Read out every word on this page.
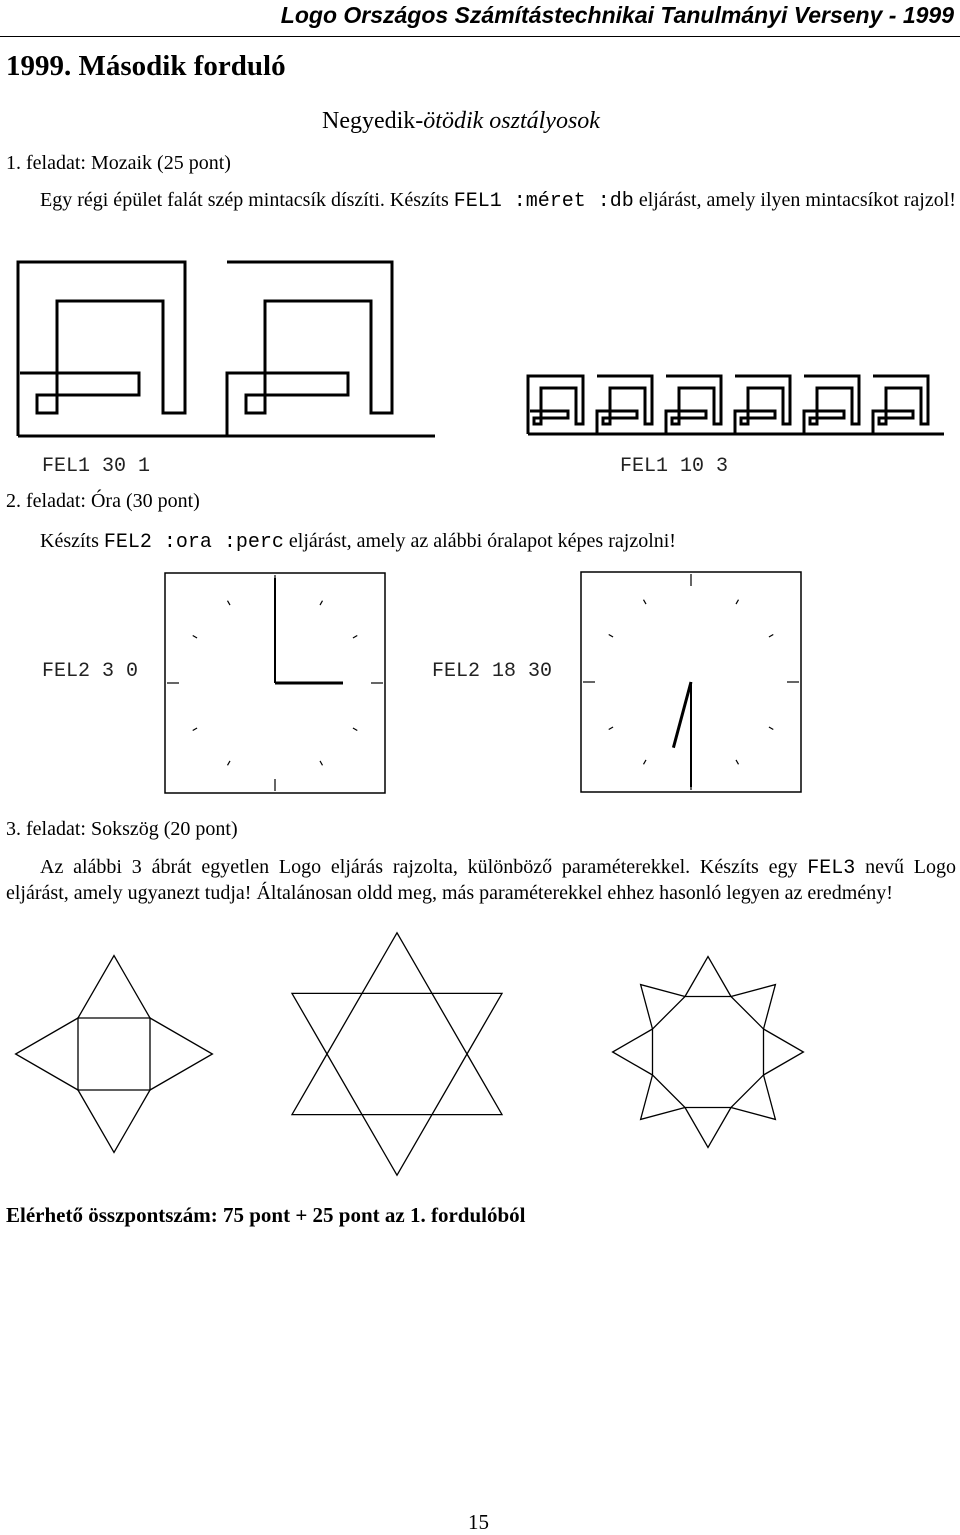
Logo Országos Számítástechnikai Tanulmányi Verseny - 1999
1999. Második forduló
Negyedik-ötödik osztályosok
1. feladat: Mozaik (25 pont)
Egy régi épület falát szép mintacsík díszíti. Készíts FEL1 :méret :db eljárást, amely ilyen mintacsíkot rajzol!
FEL1 30 1	FEL1 10 3
2. feladat: Óra (30 pont)
Készíts FEL2 :ora :perc eljárást, amely az alábbi óralapot képes rajzolni!
FEL2 3 0	FEL2 18 30
3. feladat: Sokszög (20 pont)
Az alábbi 3 ábrát egyetlen Logo eljárás rajzolta, különböző paraméterekkel. Készíts egy FEL3 nevű Logo eljárást, amely ugyanezt tudja! Általánosan oldd meg, más paraméterekkel ehhez hasonló legyen az eredmény!
Elérhető összpontszám: 75 pont + 25 pont az 1. fordulóból
15
